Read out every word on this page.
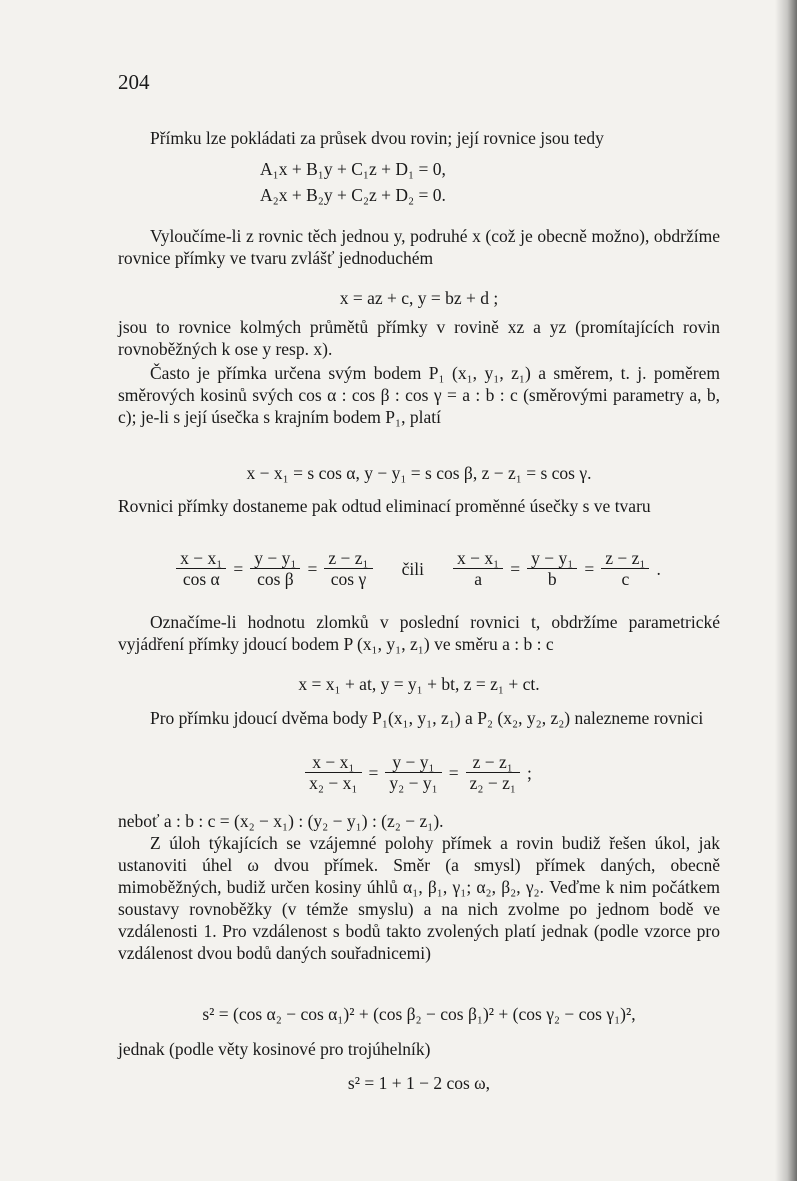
204
Přímku lze pokládati za průsek dvou rovin; její rovnice jsou tedy
A₁x + B₁y + C₁z + D₁ = 0,
A₂x + B₂y + C₂z + D₂ = 0.
Vyloučíme-li z rovnic těch jednou y, podruhé x (což je obecně možno), obdržíme rovnice přímky ve tvaru zvlášť jednoduchém
x = az + c, y = bz + d ;
jsou to rovnice kolmých průmětů přímky v rovině xz a yz (promítajících rovin rovnoběžných k ose y resp. x).
Často je přímka určena svým bodem P₁ (x₁, y₁, z₁) a směrem, t. j. poměrem směrových kosinů svých cos α : cos β : cos γ = a : b : c (směrovými parametry a, b, c); je-li s její úsečka s krajním bodem P₁, platí
x − x₁ = s cos α, y − y₁ = s cos β, z − z₁ = s cos γ.
Rovnici přímky dostaneme pak odtud eliminací proměnné úsečky s ve tvaru
$\frac{\text{x − x₁}}{\text{cos α}} = \frac{\text{y − y₁}}{\text{cos β}} = \frac{\text{z − z₁}}{\text{cos γ}}$ čili $\frac{\text{x − x₁}}{a} = \frac{\text{y − y₁}}{b} = \frac{\text{z − z₁}}{c}$ .
Označíme-li hodnotu zlomků v poslední rovnici t, obdržíme parametrické vyjádření přímky jdoucí bodem P (x₁, y₁, z₁) ve směru a : b : c
x = x₁ + at, y = y₁ + bt, z = z₁ + ct.
Pro přímku jdoucí dvěma body P₁(x₁, y₁, z₁) a P₂ (x₂, y₂, z₂) nalezneme rovnici
$\frac{\text{x − x₁}}{\text{x₂ − x₁}} = \frac{\text{y − y₁}}{\text{y₂ − y₁}} = \frac{\text{z − z₁}}{\text{z₂ − z₁}}$ ;
neboť a : b : c = (x₂ − x₁) : (y₂ − y₁) : (z₂ − z₁).
Z úloh týkajících se vzájemné polohy přímek a rovin budiž řešen úkol, jak ustanoviti úhel ω dvou přímek. Směr (a smysl) přímek daných, obecně mimoběžných, budiž určen kosiny úhlů α₁, β₁, γ₁; α₂, β₂, γ₂. Veďme k nim počátkem soustavy rovnoběžky (v témže smyslu) a na nich zvolme po jednom bodě ve vzdálenosti 1. Pro vzdálenost s bodů takto zvolených platí jednak (podle vzorce pro vzdálenost dvou bodů daných souřadnicemi)
s² = (cos α₂ − cos α₁)² + (cos β₂ − cos β₁)² + (cos γ₂ − cos γ₁)²,
jednak (podle věty kosinové pro trojúhelník)
s² = 1 + 1 − 2 cos ω,
